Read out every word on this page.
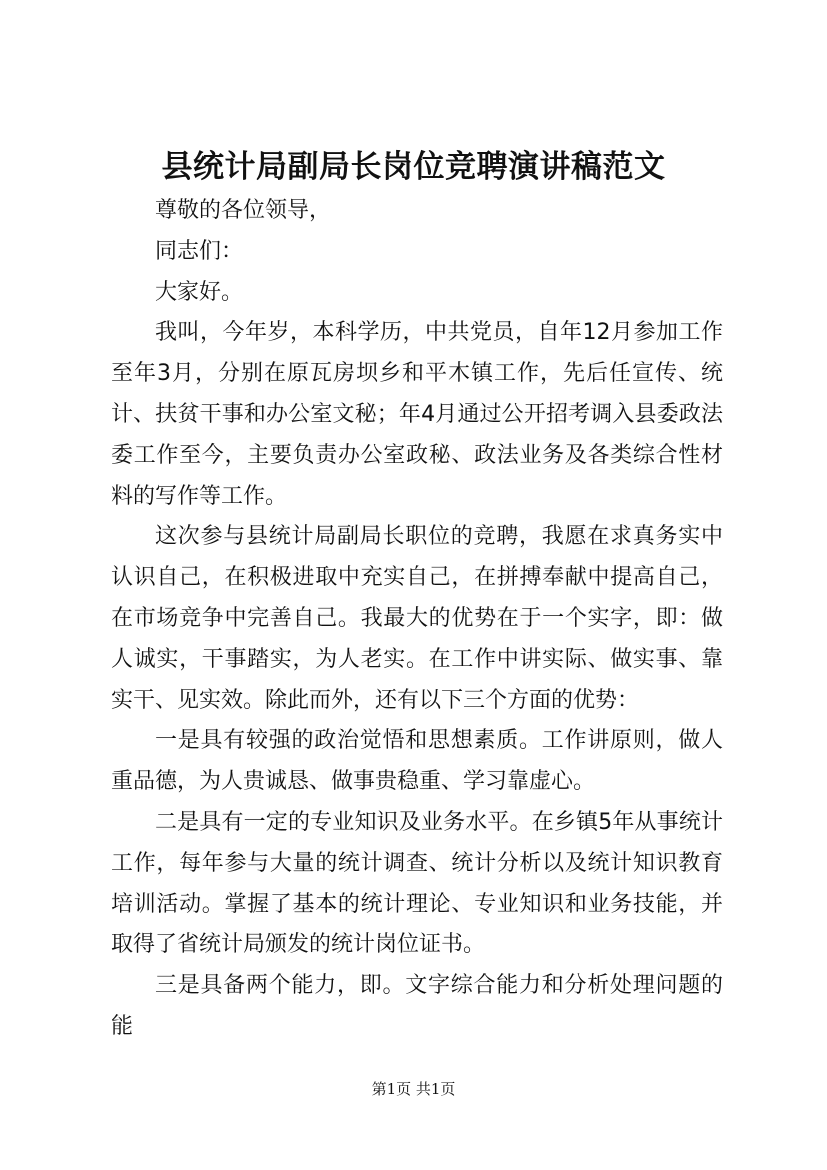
县统计局副局长岗位竞聘演讲稿范文

尊敬的各位领导，

同志们：

大家好。

我叫，今年岁，本科学历，中共党员，自年12月参加工作至年3月，分别在原瓦房坝乡和平木镇工作，先后任宣传、统计、扶贫干事和办公室文秘；年4月通过公开招考调入县委政法委工作至今，主要负责办公室政秘、政法业务及各类综合性材料的写作等工作。

这次参与县统计局副局长职位的竞聘，我愿在求真务实中认识自己，在积极进取中充实自己，在拼搏奉献中提高自己，在市场竞争中完善自己。我最大的优势在于一个实字，即：做人诚实，干事踏实，为人老实。在工作中讲实际、做实事、靠实干、见实效。除此而外，还有以下三个方面的优势：

一是具有较强的政治觉悟和思想素质。工作讲原则，做人重品德，为人贵诚恳、做事贵稳重、学习靠虚心。

二是具有一定的专业知识及业务水平。在乡镇5年从事统计工作，每年参与大量的统计调查、统计分析以及统计知识教育培训活动。掌握了基本的统计理论、专业知识和业务技能，并取得了省统计局颁发的统计岗位证书。

三是具备两个能力，即。文字综合能力和分析处理问题的能

第1页 共1页
